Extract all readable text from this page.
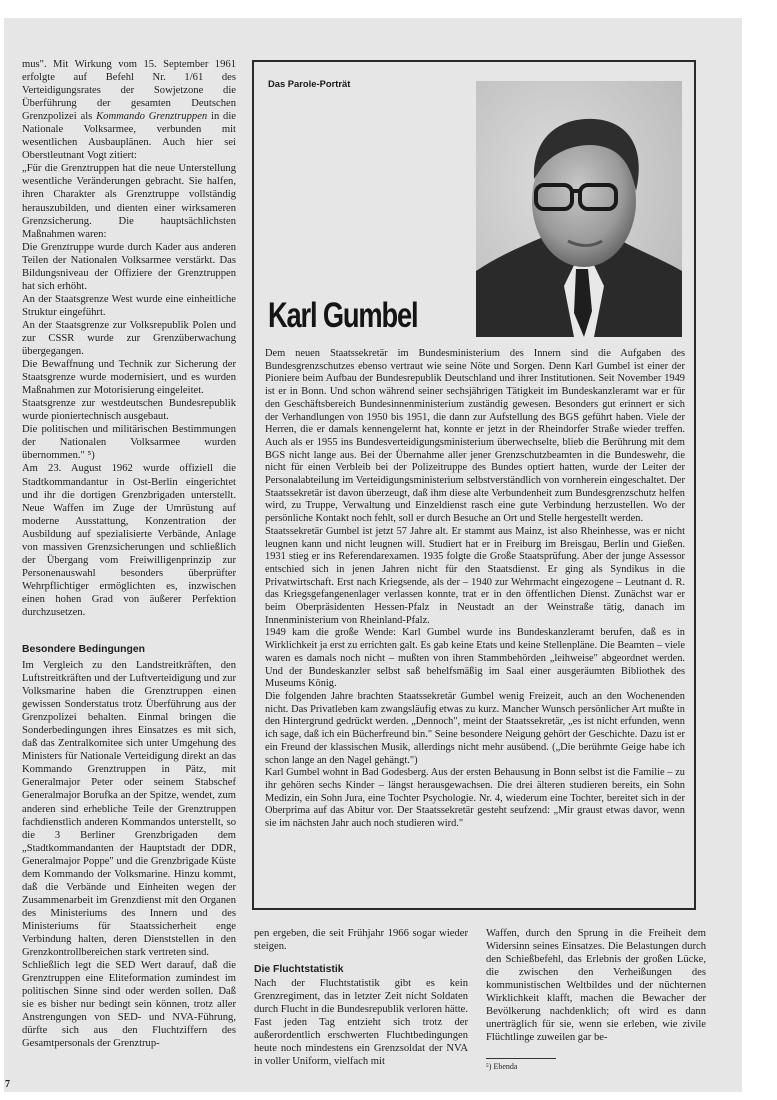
mus". Mit Wirkung vom 15. September 1961 erfolgte auf Befehl Nr. 1/61 des Verteidigungsrates der Sowjetzone die Überführung der gesamten Deutschen Grenzpolizei als Kommando Grenztruppen in die Nationale Volksarmee, verbunden mit wesentlichen Ausbauplänen. Auch hier sei Oberstleutnant Vogt zitiert:

„Für die Grenztruppen hat die neue Unterstellung wesentliche Veränderungen gebracht. Sie halfen, ihren Charakter als Grenztruppe vollständig herauszubilden, und dienten einer wirksameren Grenzsicherung. Die hauptsächlichsten Maßnahmen waren:

Die Grenztruppe wurde durch Kader aus anderen Teilen der Nationalen Volksarmee verstärkt. Das Bildungsniveau der Offiziere der Grenztruppen hat sich erhöht.

An der Staatsgrenze West wurde eine einheitliche Struktur eingeführt.

An der Staatsgrenze zur Volksrepublik Polen und zur CSSR wurde zur Grenzüberwachung übergegangen.

Die Bewaffnung und Technik zur Sicherung der Staatsgrenze wurde modernisiert, und es wurden Maßnahmen zur Motorisierung eingeleitet.

Staatsgrenze zur westdeutschen Bundesrepublik wurde pioniertechnisch ausgebaut.

Die politischen und militärischen Bestimmungen der Nationalen Volksarmee wurden übernommen." ⁵)

Am 23. August 1962 wurde offiziell die Stadtkommandantur in Ost-Berlin eingerichtet und ihr die dortigen Grenzbrigaden unterstellt. Neue Waffen im Zuge der Umrüstung auf moderne Ausstattung, Konzentration der Ausbildung auf spezialisierte Verbände, Anlage von massiven Grenzsicherungen und schließlich der Übergang vom Freiwilligenprinzip zur Personenauswahl besonders überprüfter Wehrpflichtiger ermöglichten es, inzwischen einen hohen Grad von äußerer Perfektion durchzusetzen.

Besondere Bedingungen

Im Vergleich zu den Landstreitkräften, den Luftstreitkräften und der Luftverteidigung und zur Volksmarine haben die Grenztruppen einen gewissen Sonderstatus trotz Überführung aus der Grenzpolizei behalten. Einmal bringen die Sonderbedingungen ihres Einsatzes es mit sich, daß das Zentralkomitee sich unter Umgehung des Ministers für Nationale Verteidigung direkt an das Kommando Grenztruppen in Pätz, mit Generalmajor Peter oder seinem Stabschef Generalmajor Borufka an der Spitze, wendet, zum anderen sind erhebliche Teile der Grenztruppen fachdienstlich anderen Kommandos unterstellt, so die 3 Berliner Grenzbrigaden dem „Stadtkommandanten der Hauptstadt der DDR, Generalmajor Poppe" und die Grenzbrigade Küste dem Kommando der Volksmarine. Hinzu kommt, daß die Verbände und Einheiten wegen der Zusammenarbeit im Grenzdienst mit den Organen des Ministeriums des Innern und des Ministeriums für Staatssicherheit enge Verbindung halten, deren Dienststellen in den Grenzkontrollbereichen stark vertreten sind.

Schließlich legt die SED Wert darauf, daß die Grenztruppen eine Eliteformation zumindest im politischen Sinne sind oder werden sollen. Daß sie es bisher nur bedingt sein können, trotz aller Anstrengungen von SED- und NVA-Führung, dürfte sich aus den Fluchtziffern des Gesamtpersonals der Grenztrup-

Das Parole-Porträt
Karl Gumbel

Dem neuen Staatssekretär im Bundesministerium des Innern sind die Aufgaben des Bundesgrenzschutzes ebenso vertraut wie seine Nöte und Sorgen. Denn Karl Gumbel ist einer der Pioniere beim Aufbau der Bundesrepublik Deutschland und ihrer Institutionen. Seit November 1949 ist er in Bonn. Und schon während seiner sechsjährigen Tätigkeit im Bundeskanzleramt war er für den Geschäftsbereich Bundesinnenministerium zuständig gewesen. Besonders gut erinnert er sich der Verhandlungen von 1950 bis 1951, die dann zur Aufstellung des BGS geführt haben. Viele der Herren, die er damals kennengelernt hat, konnte er jetzt in der Rheindorfer Straße wieder treffen. Auch als er 1955 ins Bundesverteidigungsministerium überwechselte, blieb die Berührung mit dem BGS nicht lange aus. Bei der Übernahme aller jener Grenzschutzbeamten in die Bundeswehr, die nicht für einen Verbleib bei der Polizeitruppe des Bundes optiert hatten, wurde der Leiter der Personalabteilung im Verteidigungsministerium selbstverständlich von vornherein eingeschaltet. Der Staatssekretär ist davon überzeugt, daß ihm diese alte Verbundenheit zum Bundesgrenzschutz helfen wird, zu Truppe, Verwaltung und Einzeldienst rasch eine gute Verbindung herzustellen. Wo der persönliche Kontakt noch fehlt, soll er durch Besuche an Ort und Stelle hergestellt werden.

Staatssekretär Gumbel ist jetzt 57 Jahre alt. Er stammt aus Mainz, ist also Rheinhesse, was er nicht leugnen kann und nicht leugnen will. Studiert hat er in Freiburg im Breisgau, Berlin und Gießen. 1931 stieg er ins Referendarexamen. 1935 folgte die Große Staatsprüfung. Aber der junge Assessor entschied sich in jenen Jahren nicht für den Staatsdienst. Er ging als Syndikus in die Privatwirtschaft. Erst nach Kriegsende, als der – 1940 zur Wehrmacht eingezogene – Leutnant d. R. das Kriegsgefangenenlager verlassen konnte, trat er in den öffentlichen Dienst. Zunächst war er beim Oberpräsidenten Hessen-Pfalz in Neustadt an der Weinstraße tätig, danach im Innenministerium von Rheinland-Pfalz.

1949 kam die große Wende: Karl Gumbel wurde ins Bundeskanzleramt berufen, daß es in Wirklichkeit ja erst zu errichten galt. Es gab keine Etats und keine Stellenpläne. Die Beamten – viele waren es damals noch nicht – mußten von ihren Stammbehörden „leihweise" abgeordnet werden. Und der Bundeskanzler selbst saß behelfsmäßig im Saal einer ausgeräumten Bibliothek des Museums König.

Die folgenden Jahre brachten Staatssekretär Gumbel wenig Freizeit, auch an den Wochenenden nicht. Das Privatleben kam zwangsläufig etwas zu kurz. Mancher Wunsch persönlicher Art mußte in den Hintergrund gedrückt werden. „Dennoch", meint der Staatssekretär, „es ist nicht erfunden, wenn ich sage, daß ich ein Bücherfreund bin." Seine besondere Neigung gehört der Geschichte. Dazu ist er ein Freund der klassischen Musik, allerdings nicht mehr ausübend. („Die berühmte Geige habe ich schon lange an den Nagel gehängt.")

Karl Gumbel wohnt in Bad Godesberg. Aus der ersten Behausung in Bonn selbst ist die Familie – zu ihr gehören sechs Kinder – längst herausgewachsen. Die drei älteren studieren bereits, ein Sohn Medizin, ein Sohn Jura, eine Tochter Psychologie. Nr. 4, wiederum eine Tochter, bereitet sich in der Oberprima auf das Abitur vor. Der Staatssekretär gesteht seufzend: „Mir graust etwas davor, wenn sie im nächsten Jahr auch noch studieren wird."

pen ergeben, die seit Frühjahr 1966 sogar wieder steigen.

Die Fluchtstatistik

Nach der Fluchtstatistik gibt es kein Grenzregiment, das in letzter Zeit nicht Soldaten durch Flucht in die Bundesrepublik verloren hätte. Fast jeden Tag entzieht sich trotz der außerordentlich erschwerten Fluchtbedingungen heute noch mindestens ein Grenzsoldat der NVA in voller Uniform, vielfach mit

Waffen, durch den Sprung in die Freiheit dem Widersinn seines Einsatzes. Die Belastungen durch den Schießbefehl, das Erlebnis der großen Lücke, die zwischen den Verheißungen des kommunistischen Weltbildes und der nüchternen Wirklichkeit klafft, machen die Bewacher der Bevölkerung nachdenklich; oft wird es dann unerträglich für sie, wenn sie erleben, wie zivile Flüchtlinge zuweilen gar be-

⁵) Ebenda
7
